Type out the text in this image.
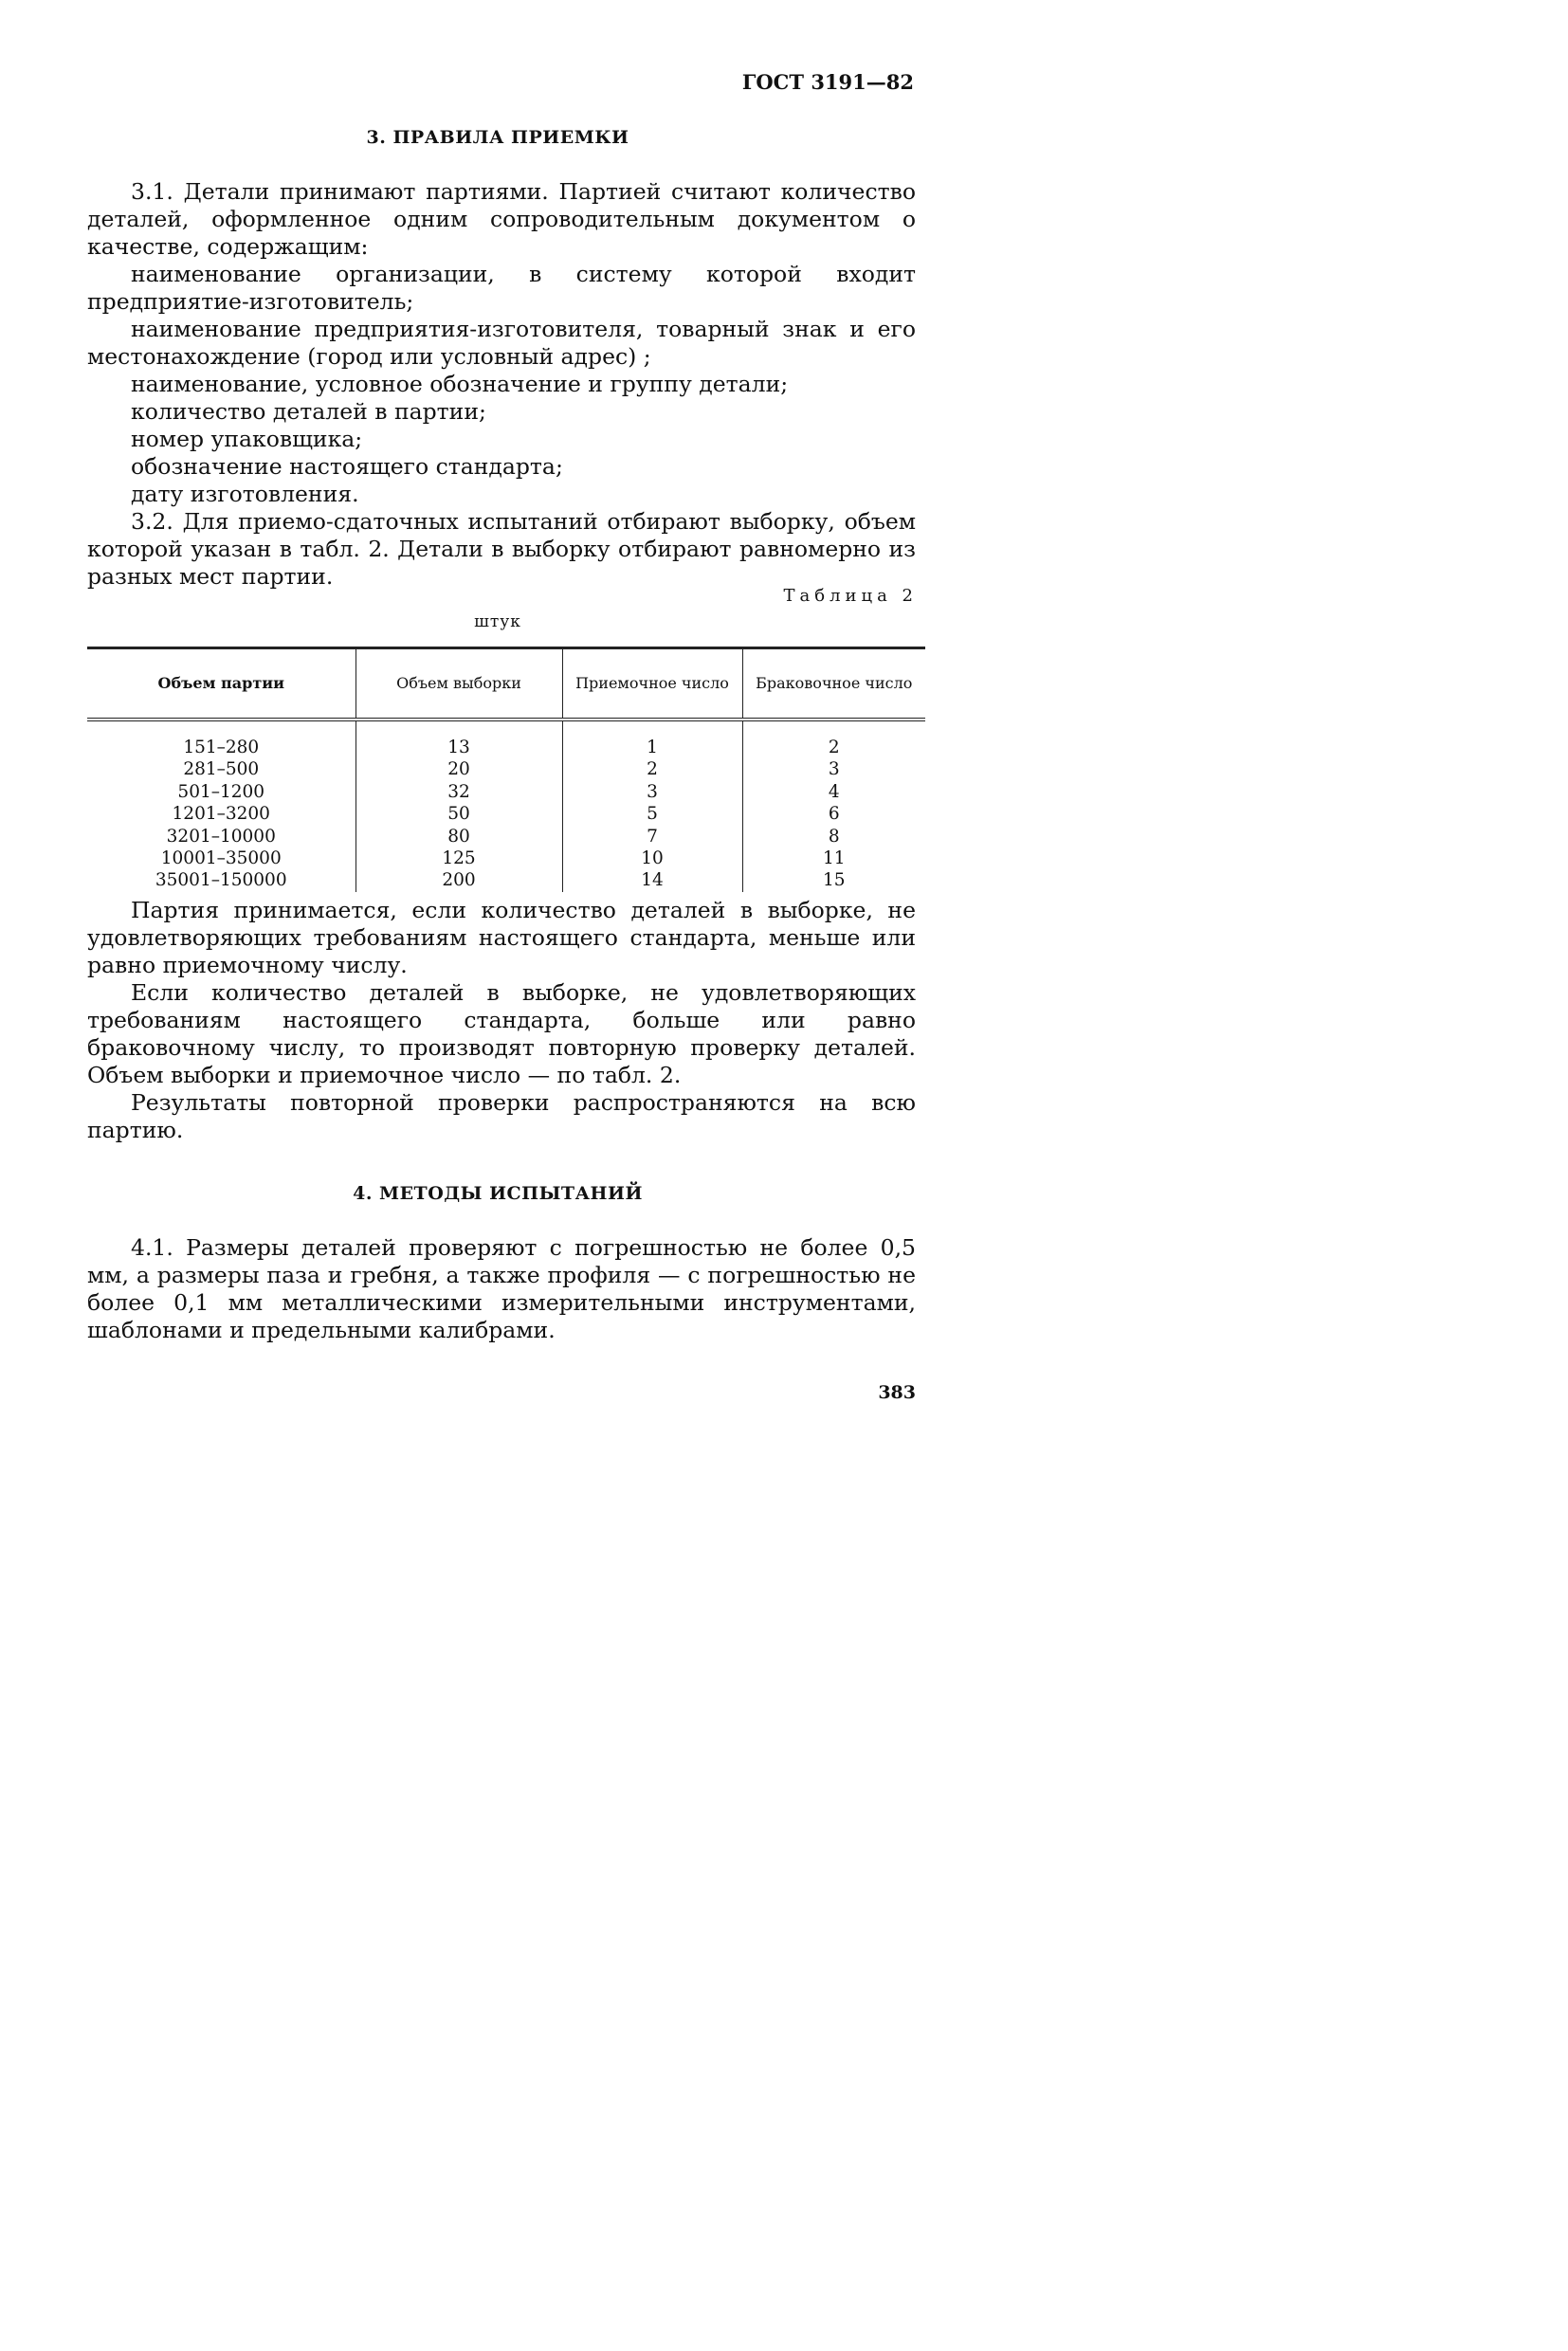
ГОСТ 3191—82
3. ПРАВИЛА ПРИЕМКИ

3.1. Детали принимают партиями. Партией считают количество деталей, оформленное одним сопроводительным документом о качестве, содержащим:

наименование организации, в систему которой входит предприятие-изготовитель;

наименование предприятия-изготовителя, товарный знак и его местонахождение (город или условный адрес) ;

наименование, условное обозначение и группу детали;

количество деталей в партии;

номер упаковщика;

обозначение настоящего стандарта;

дату изготовления.

3.2. Для приемо-сдаточных испытаний отбирают выборку, объем которой указан в табл. 2. Детали в выборку отбирают равномерно из разных мест партии.

Таблица 2
штук
Объем партии	Объем выборки	Приемочное число	Браковочное число
151–280	13	1	2
281–500	20	2	3
501–1200	32	3	4
1201–3200	50	5	6
3201–10000	80	7	8
10001–35000	125	10	11
35001–150000	200	14	15

Партия принимается, если количество деталей в выборке, не удовлетворяющих требованиям настоящего стандарта, меньше или равно приемочному числу.

Если количество деталей в выборке, не удовлетворяющих требованиям настоящего стандарта, больше или равно браковочному числу, то производят повторную проверку деталей. Объем выборки и приемочное число — по табл. 2.

Результаты повторной проверки распространяются на всю партию.

4. МЕТОДЫ ИСПЫТАНИЙ

4.1. Размеры деталей проверяют с погрешностью не более 0,5 мм, а размеры паза и гребня, а также профиля — с погрешностью не более 0,1 мм металлическими измерительными инструментами, шаблонами и предельными калибрами.

383
